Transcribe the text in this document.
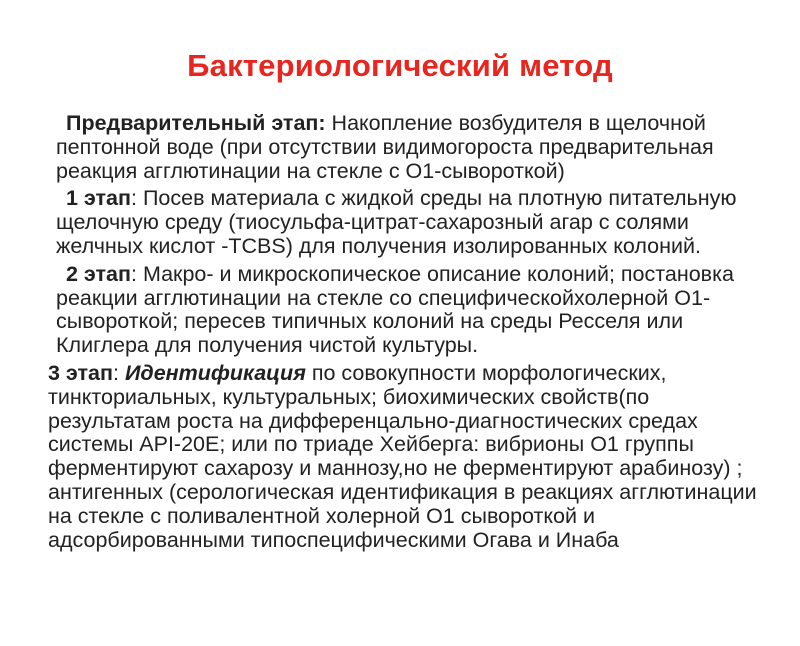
Бактериологический метод

Предварительный этап: Накопление возбудителя в щелочной пептонной воде (при отсутствии видимогороста предварительная реакция агглютинации на стекле с О1-сывороткой)

1 этап: Посев материала с жидкой среды на плотную питательную щелочную среду (тиосульфа-цитрат-сахарозный агар с солями желчных кислот -TCBS) для получения изолированных колоний.

2 этап: Макро- и микроскопическое описание колоний; постановка реакции агглютинации на стекле со специфическойхолерной О1-сывороткой; пересев типичных колоний на среды Ресселя или Клиглера для получения чистой культуры.

3 этап: Идентификация по совокупности морфологических, тинкториальных, культуральных; биохимических свойств(по результатам роста на дифференцально-диагностических средах системы API-20E; или по триаде Хейберга: вибрионы О1 группы ферментируют сахарозу и маннозу,но не ферментируют арабинозу) ; антигенных (серологическая идентификация в реакциях агглютинации на стекле с поливалентной холерной О1 сывороткой и адсорбированными типоспецифическими Огава и Инаба
